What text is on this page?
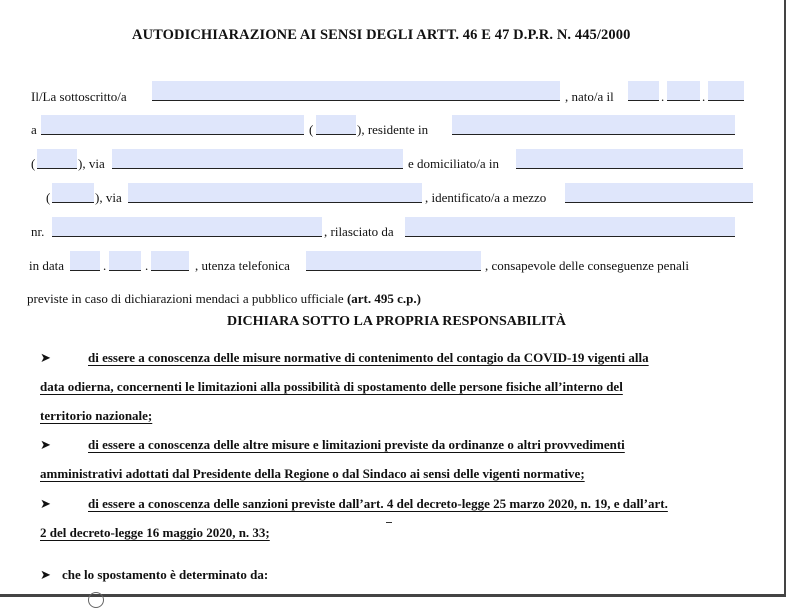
AUTODICHIARAZIONE AI SENSI DEGLI ARTT. 46 E 47 D.P.R. N. 445/2000
Il/La sottoscritto/a	, nato/a il	.	.
a	(	), residente in
(	), via	e domiciliato/a in
(	), via	, identificato/a a mezzo
nr.	, rilasciato da
in data	.	.	, utenza telefonica	, consapevole delle conseguenze penali
previste in caso di dichiarazioni mendaci a pubblico ufficiale (art. 495 c.p.)
DICHIARA SOTTO LA PROPRIA RESPONSABILITÀ
➤	di essere a conoscenza delle misure normative di contenimento del contagio da COVID-19 vigenti alla
data odierna, concernenti le limitazioni alla possibilità di spostamento delle persone fisiche all’interno del
territorio nazionale;
➤	di essere a conoscenza delle altre misure e limitazioni previste da ordinanze o altri provvedimenti
amministrativi adottati dal Presidente della Regione o dal Sindaco ai sensi delle vigenti normative;
➤	di essere a conoscenza delle sanzioni previste dall’art. 4 del decreto-legge 25 marzo 2020, n. 19, e dall’art.
2 del decreto-legge 16 maggio 2020, n. 33;
➤ che lo spostamento è determinato da:
